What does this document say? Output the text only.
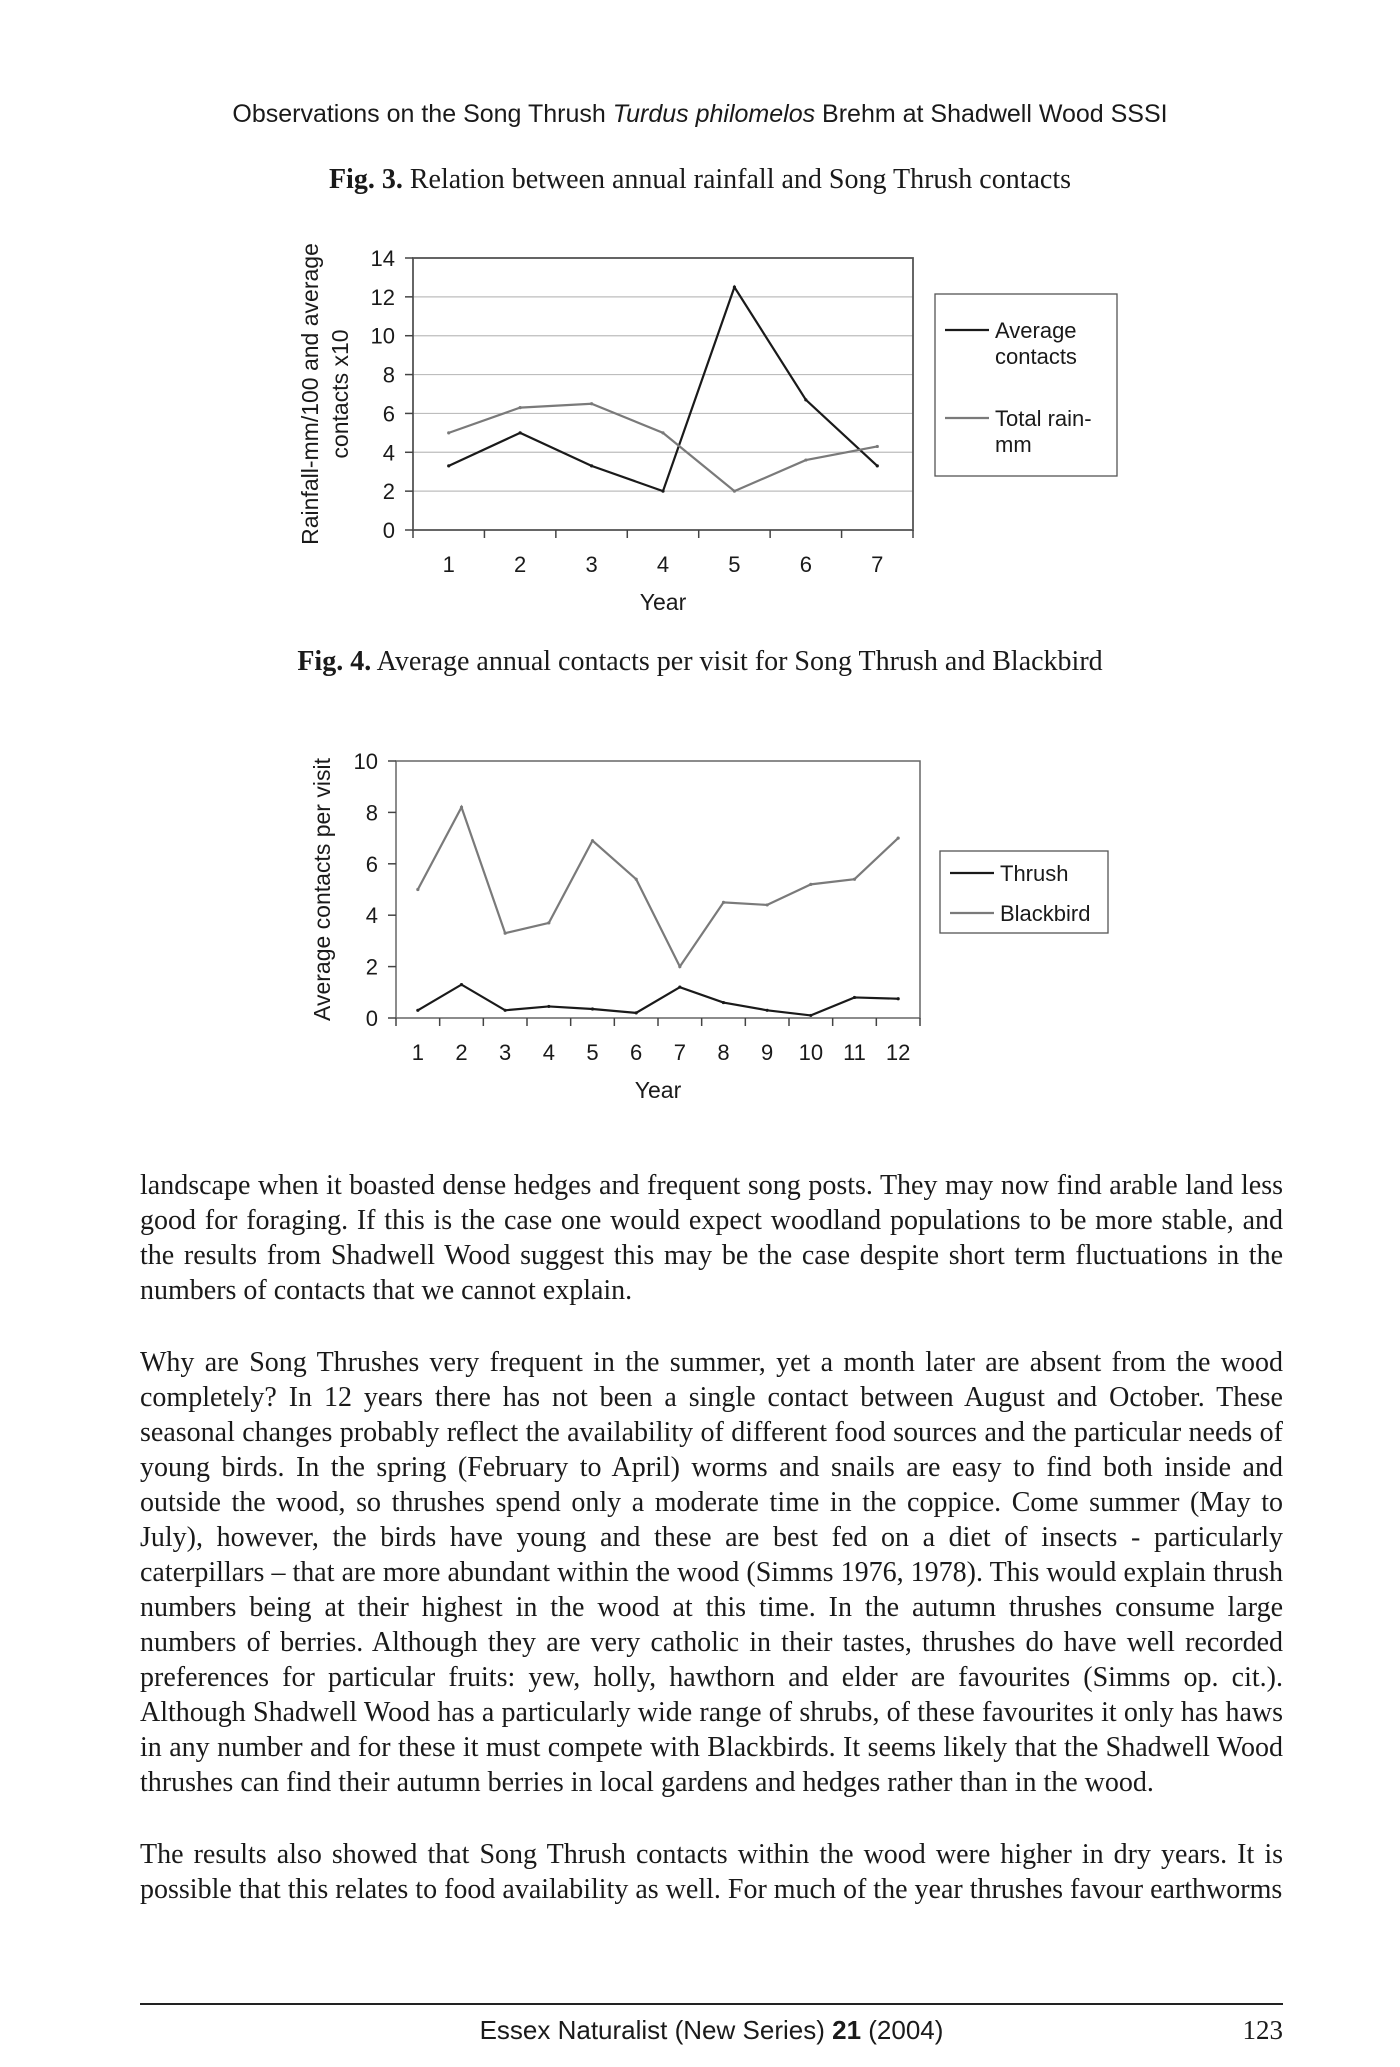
Observations on the Song Thrush Turdus philomelos Brehm at Shadwell Wood SSSI
Fig. 3. Relation between annual rainfall and Song Thrush contacts
0
2
4
6
8
10
12
14
1	2	3	4	5	6	7
Year
Rainfall-mm/100 and average contacts x10	Average
contacts
Total rain-
mm
Fig. 4. Average annual contacts per visit for Song Thrush and Blackbird
0
2
4
6
8
10
1 2 3 4 5 6 7 8 9 10 11 12
Year
Average contacts per visit	Thrush
Blackbird

landscape when it boasted dense hedges and frequent song posts. They may now find arable land less good for foraging. If this is the case one would expect woodland populations to be more stable, and the results from Shadwell Wood suggest this may be the case despite short term fluctuations in the numbers of contacts that we cannot explain.

Why are Song Thrushes very frequent in the summer, yet a month later are absent from the wood completely? In 12 years there has not been a single contact between August and October. These seasonal changes probably reflect the availability of different food sources and the particular needs of young birds. In the spring (February to April) worms and snails are easy to find both inside and outside the wood, so thrushes spend only a moderate time in the coppice. Come summer (May to July), however, the birds have young and these are best fed on a diet of insects - particularly caterpillars – that are more abundant within the wood (Simms 1976, 1978). This would explain thrush numbers being at their highest in the wood at this time. In the autumn thrushes consume large numbers of berries. Although they are very catholic in their tastes, thrushes do have well recorded preferences for particular fruits: yew, holly, hawthorn and elder are favourites (Simms op. cit.). Although Shadwell Wood has a particularly wide range of shrubs, of these favourites it only has haws in any number and for these it must compete with Blackbirds. It seems likely that the Shadwell Wood thrushes can find their autumn berries in local gardens and hedges rather than in the wood.

The results also showed that Song Thrush contacts within the wood were higher in dry years. It is possible that this relates to food availability as well. For much of the year thrushes favour earthworms

Essex Naturalist (New Series) 21 (2004)	123
